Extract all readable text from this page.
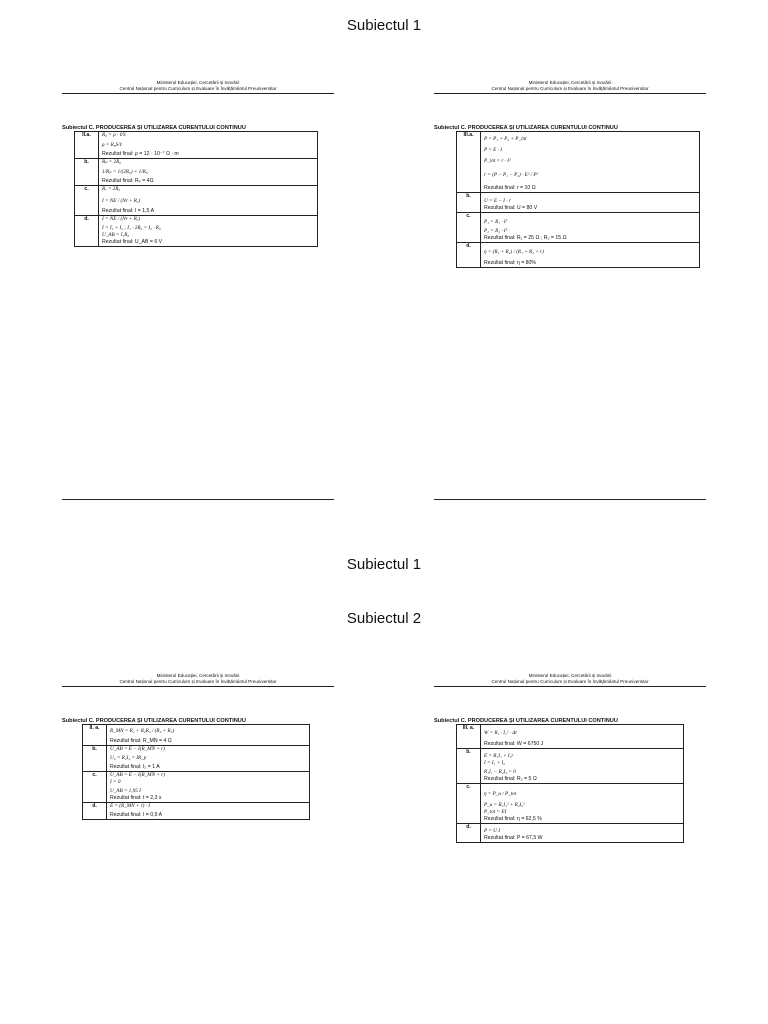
Subiectul 1
Subiectul 1
Subiectul 2
Ministerul Educației, Cercetării și Inovării
Centrul Național pentru Curriculum și Evaluare în Învățământul Preuniversitar
Subiectul C. PRODUCEREA ȘI UTILIZAREA CURENTULUI CONTINUU
II.a.	R₀ = ρ · ℓ/S
ρ = R₀S/ℓ
Rezultat final: ρ = 12 · 10⁻⁷ Ω · m

b.	Rₚ = 2R₀
1/Rₚ = 1/(2R₀) + 1/R₀
Rezultat final: Rₚ = 4Ω

c.	Rₑ = 2R₀
I = NE / (Nr + Rₑ)
Rezultat final: I = 1,5 A

d.	I = NE / (Nr + Rₑ)
I = I₁ + I₂ ; I₁ · 2R₀ = I₂ · R₀
U_AB = I₁R₀
Rezultat final: U_AB = 6 V
Ministerul Educației, Cercetării și Inovării
Centrul Național pentru Curriculum și Evaluare în Învățământul Preuniversitar
Subiectul C. PRODUCEREA ȘI UTILIZAREA CURENTULUI CONTINUU
III.a.	P = P₁ + P₂ + P_int
P = E · I
P_int = r · I²
r = (P − P₁ − P₂) · E² / P²
Rezultat final: r = 10 Ω

b.	U = E − I · r
Rezultat final: U = 80 V

c.	P₁ = R₁ · I²
P₂ = R₂ · I²
Rezultat final: R₁ = 25 Ω ; R₂ = 15 Ω

d.	η = (R₁ + R₂) / (R₁ + R₂ + r)
Rezultat final: η = 80%
Ministerul Educației, Cercetării și Inovării
Centrul Național pentru Curriculum și Evaluare în Învățământul Preuniversitar
Subiectul C. PRODUCEREA ȘI UTILIZAREA CURENTULUI CONTINUU
II. a.	R_MN = R₁ + R₂R₃ / (R₂ + R₃)
Rezultat final: R_MN = 4 Ω

b.	U_AB = E − I(R_MN + r)
U₂ = R₂I₂ = IR_p
Rezultat final: I₂ = 1 A

c.	U_AB = E − I(R_MN + r)
I = 0
U_AB = 1,95 I
Rezultat final: t = 2,3 s

d.	E = (R_MN + r) · I
Rezultat final: I = 0,9 A
Ministerul Educației, Cercetării și Inovării
Centrul Național pentru Curriculum și Evaluare în Învățământul Preuniversitar
Subiectul C. PRODUCEREA ȘI UTILIZAREA CURENTULUI CONTINUU
III. a.	W = R₁ · I₁² · Δt
Rezultat final: W = 6750 J

b.	E = R₁I₁ + I₁r
I = I₁ + I₂
R₁I₁ − R₂I₂ = 0
Rezultat final: R₂ = 5 Ω

c.	η = P_u / P_tot
P_u = R₁I₁² + R₂I₂²
P_tot = EI
Rezultat final: η = 62,5 %

d.	P = U I
Rezultat final: P = 67,5 W
